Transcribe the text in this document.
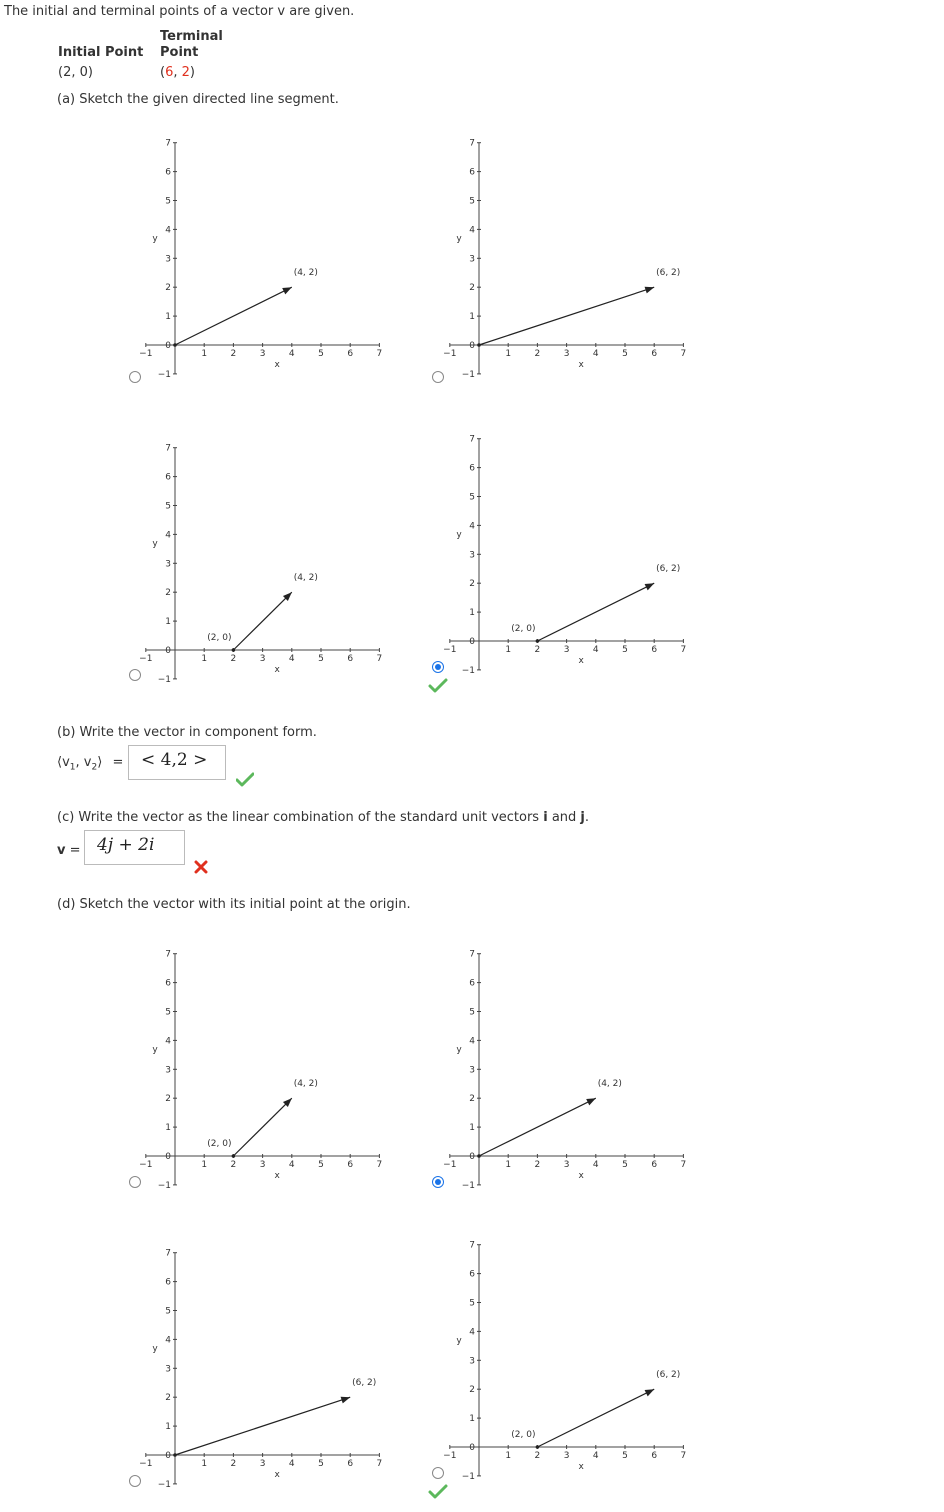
The initial and terminal points of a vector v are given.
Terminal
Initial Point Point
(2, 0)	(6, 2)
(a) Sketch the given directed line segment.
−1	1	2	3	4	5	6	7
−1
1
2
3
4
5
6
7
0
x
y
(4, 2)
−1	1	2	3	4	5	6	7
−1
1
2
3
4
5
6
7
0
x
y
(6, 2)
−1	1	2	3	4	5	6	7
−1
1
2
3
4
5
6
7
0
x
y
(4, 2)
(2, 0)
−1	1	2	3	4	5	6	7
−1
1
2
3
4
5
6
7
0
x
y
(6, 2)
(2, 0)
(b) Write the vector in component form.
$⟨v_1$, $v_2⟩$ =	< 4,2 >
(c) Write the vector as the linear combination of the standard unit vectors i and j.
v = 4j + 2i
(d) Sketch the vector with its initial point at the origin.
−1	1	2	3	4	5	6	7
−1
1
2
3
4
5
6
7
0
x
y
(4, 2)
(2, 0)
−1	1	2	3	4	5	6	7
−1
1
2
3
4
5
6
7
0
x
y
(4, 2)
−1	1	2	3	4	5	6	7
−1
1
2
3
4
5
6
7
0
x
y
(6, 2)
−1	1	2	3	4	5	6	7
−1
1
2
3
4
5
6
7
0
x
y
(6, 2)
(2, 0)
